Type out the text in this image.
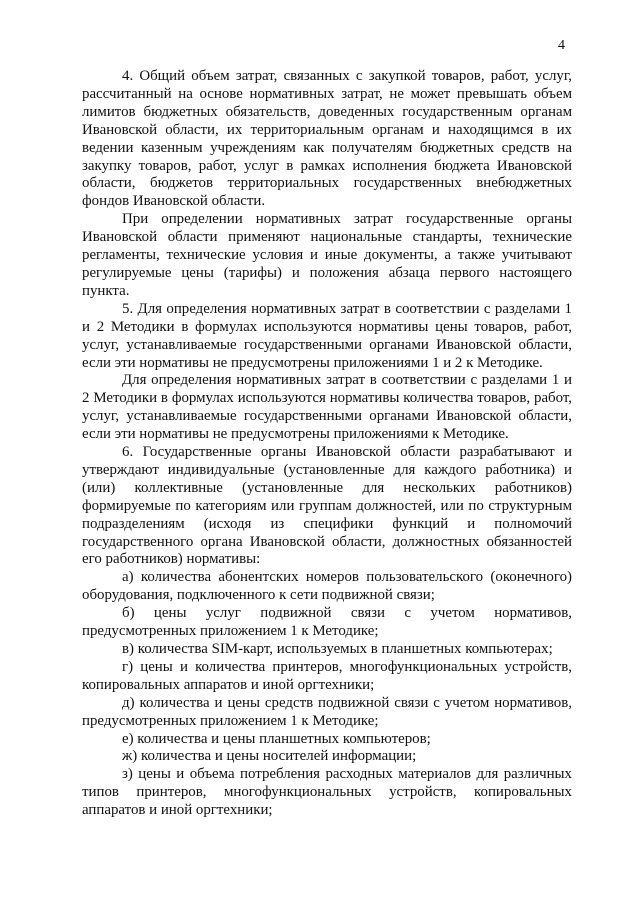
4

4. Общий объем затрат, связанных с закупкой товаров, работ, услуг, рассчитанный на основе нормативных затрат, не может превышать объем лимитов бюджетных обязательств, доведенных государственным органам Ивановской области, их территориальным органам и находящимся в их ведении казенным учреждениям как получателям бюджетных средств на закупку товаров, работ, услуг в рамках исполнения бюджета Ивановской области, бюджетов территориальных государственных внебюджетных фондов Ивановской области.

При определении нормативных затрат государственные органы Ивановской области применяют национальные стандарты, технические регламенты, технические условия и иные документы, а также учитывают регулируемые цены (тарифы) и положения абзаца первого настоящего пункта.

5. Для определения нормативных затрат в соответствии с разделами 1 и 2 Методики в формулах используются нормативы цены товаров, работ, услуг, устанавливаемые государственными органами Ивановской области, если эти нормативы не предусмотрены приложениями 1 и 2 к Методике.

Для определения нормативных затрат в соответствии с разделами 1 и 2 Методики в формулах используются нормативы количества товаров, работ, услуг, устанавливаемые государственными органами Ивановской области, если эти нормативы не предусмотрены приложениями к Методике.

6. Государственные органы Ивановской области разрабатывают и утверждают индивидуальные (установленные для каждого работника) и (или) коллективные (установленные для нескольких работников) формируемые по категориям или группам должностей, или по структурным подразделениям (исходя из специфики функций и полномочий государственного органа Ивановской области, должностных обязанностей его работников) нормативы:

а) количества абонентских номеров пользовательского (оконечного) оборудования, подключенного к сети подвижной связи;

б) цены услуг подвижной связи с учетом нормативов, предусмотренных приложением 1 к Методике;

в) количества SIM-карт, используемых в планшетных компьютерах;

г) цены и количества принтеров, многофункциональных устройств, копировальных аппаратов и иной оргтехники;

д) количества и цены средств подвижной связи с учетом нормативов, предусмотренных приложением 1 к Методике;

е) количества и цены планшетных компьютеров;

ж) количества и цены носителей информации;

з) цены и объема потребления расходных материалов для различных типов принтеров, многофункциональных устройств, копировальных аппаратов и иной оргтехники;
